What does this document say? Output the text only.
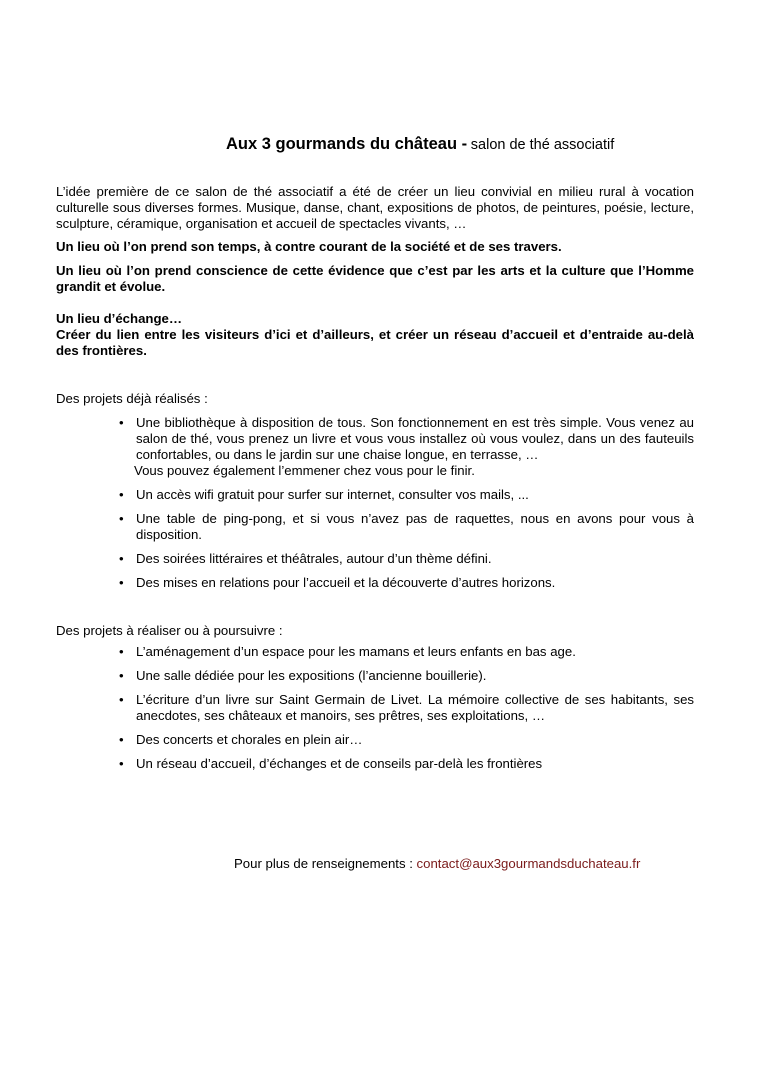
Aux 3 gourmands du château - salon de thé associatif

L’idée première de ce salon de thé associatif a été de créer un lieu convivial en milieu rural à vocation culturelle sous diverses formes. Musique, danse, chant, expositions de photos, de peintures, poésie, lecture, sculpture, céramique, organisation et accueil de spectacles vivants, …

Un lieu où l’on prend son temps, à contre courant de la société et de ses travers.

Un lieu où l’on prend conscience de cette évidence que c’est par les arts et la culture que l’Homme grandit et évolue.

Un lieu d’échange…
Créer du lien entre les visiteurs d’ici et d’ailleurs, et créer un réseau d’accueil et d’entraide au-delà des frontières.

Des projets déjà réalisés :

• Une bibliothèque à disposition de tous. Son fonctionnement en est très simple. Vous venez au salon de thé, vous prenez un livre et vous vous installez où vous voulez, dans un des fauteuils confortables, ou dans le jardin sur une chaise longue, en terrasse, …
Vous pouvez également l’emmener chez vous pour le finir.
• Un accès wifi gratuit pour surfer sur internet, consulter vos mails, ...
• Une table de ping-pong, et si vous n’avez pas de raquettes, nous en avons pour vous à disposition.
• Des soirées littéraires et théâtrales, autour d’un thème défini.
• Des mises en relations pour l’accueil et la découverte d’autres horizons.

Des projets à réaliser ou à poursuivre :

• L’aménagement d’un espace pour les mamans et leurs enfants en bas age.
• Une salle dédiée pour les expositions (l’ancienne bouillerie).
• L’écriture d’un livre sur Saint Germain de Livet. La mémoire collective de ses habitants, ses anecdotes, ses châteaux et manoirs, ses prêtres, ses exploitations, …
• Des concerts et chorales en plein air…
• Un réseau d’accueil, d’échanges et de conseils par-delà les frontières
Pour plus de renseignements : contact@aux3gourmandsduchateau.fr
